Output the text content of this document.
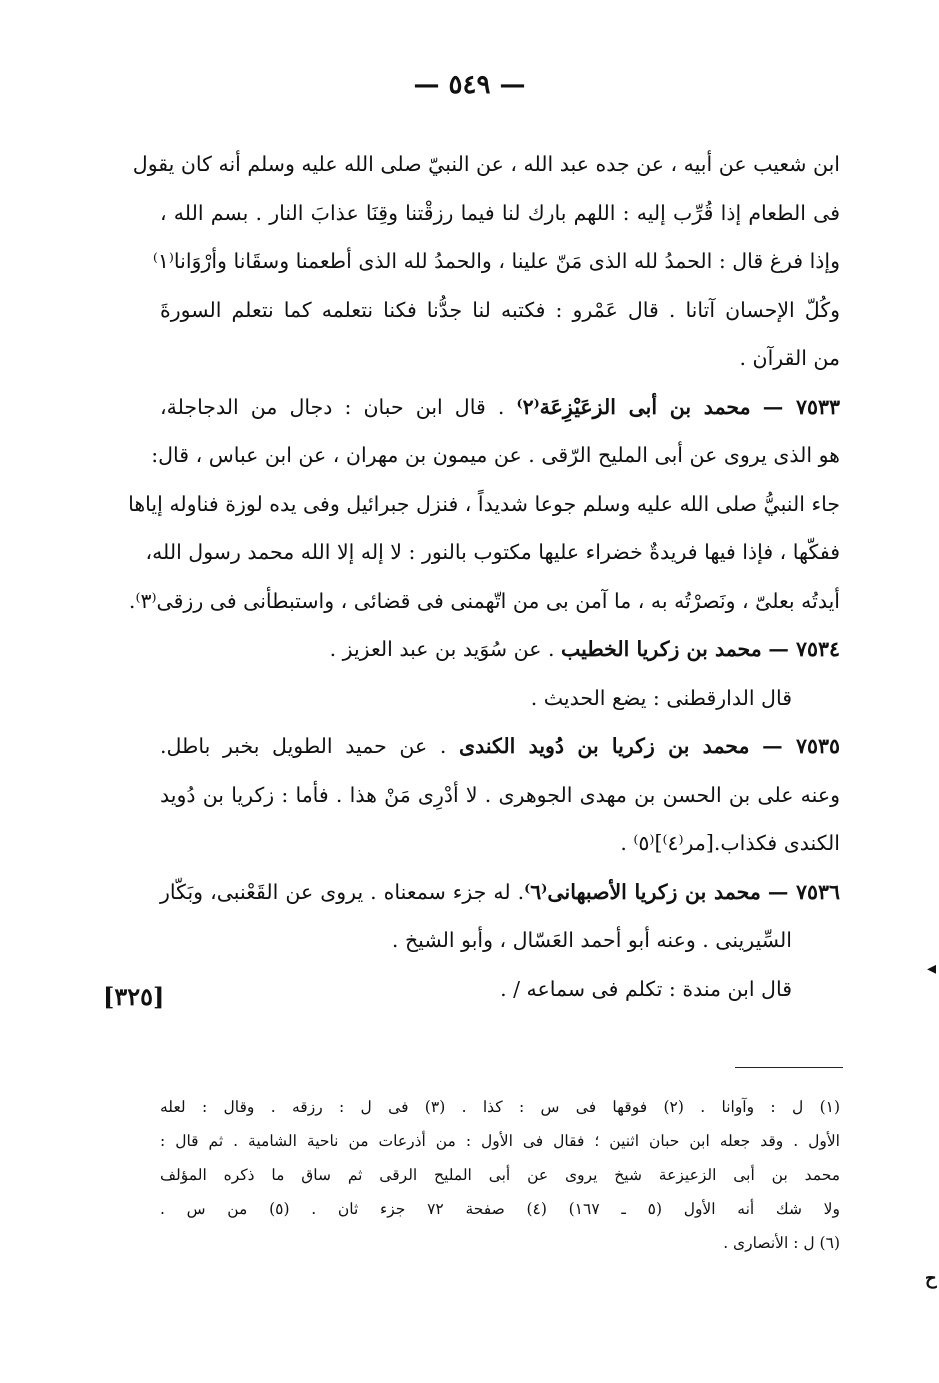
— ٥٤٩ —
ابن شعيب عن أبيه ، عن جده عبد الله ، عن النبيّ صلى الله عليه وسلم أنه كان يقول
فى الطعام إذا قُرِّب إليه : اللهم بارك لنا فيما رزقْتنا وقِنَا عذابَ النار . بسم الله ،
وإذا فرغ قال : الحمدُ لله الذى مَنّ علينا ، والحمدُ لله الذى أطعمنا وسقَانا وأرْوَانا⁽١⁾
وكُلّ الإحسان آتانا . قال عَمْرو : فكتبه لنا جدُّنا فكنا نتعلمه كما نتعلم السورةَ
من القرآن .
٧٥٣٣ — محمد بن أبى الزعَيْزِعَة⁽٢⁾ . قال ابن حبان : دجال من الدجاجلة،
هو الذى يروى عن أبى المليح الرّقى . عن ميمون بن مهران ، عن ابن عباس ، قال:
جاء النبيُّ صلى الله عليه وسلم جوعا شديداً ، فنزل جبرائيل وفى يده لوزة فناوله إياها
ففكّها ، فإذا فيها فريدةٌ خضراء عليها مكتوب بالنور : لا إله إلا الله محمد رسول الله،
أيدتُه بعلىّ ، ونَصرْتُه به ، ما آمن بى من اتّهمنى فى قضائى ، واستبطأنى فى رزقى⁽٣⁾.
٧٥٣٤ — محمد بن زكريا الخطيب . عن سُوَيد بن عبد العزيز .
قال الدارقطنى : يضع الحديث .
٧٥٣٥ — محمد بن زكريا بن دُويد الكندى . عن حميد الطويل بخبر باطل.
وعنه على بن الحسن بن مهدى الجوهرى . لا أدْرِى مَنْ هذا . فأما : زكريا بن دُويد
الكندى فكذاب.[مر⁽٤⁾]⁽٥⁾ .
٧٥٣٦ — محمد بن زكريا الأصبهانى⁽٦⁾. له جزء سمعناه . يروى عن القَعْنبى، وبَكّار
السِّيرينى . وعنه أبو أحمد العَسّال ، وأبو الشيخ .
قال ابن مندة : تكلم فى سماعه / .
[٣٢٥]
◂
ح
(١) ل : وآوانا . (٢) فوقها فى س : كذا . (٣) فى ل : رزقه . وقال : لعله
الأول . وقد جعله ابن حبان اثنين ؛ فقال فى الأول : من أذرعات من ناحية الشامية . ثم قال :
محمد بن أبى الزعيزعة شيخ يروى عن أبى المليح الرقى ثم ساق ما ذكره المؤلف
ولا شك أنه الأول (٥ ـ ١٦٧) (٤) صفحة ٧٢ جزء ثان . (٥) من س .
(٦) ل : الأنصارى .
